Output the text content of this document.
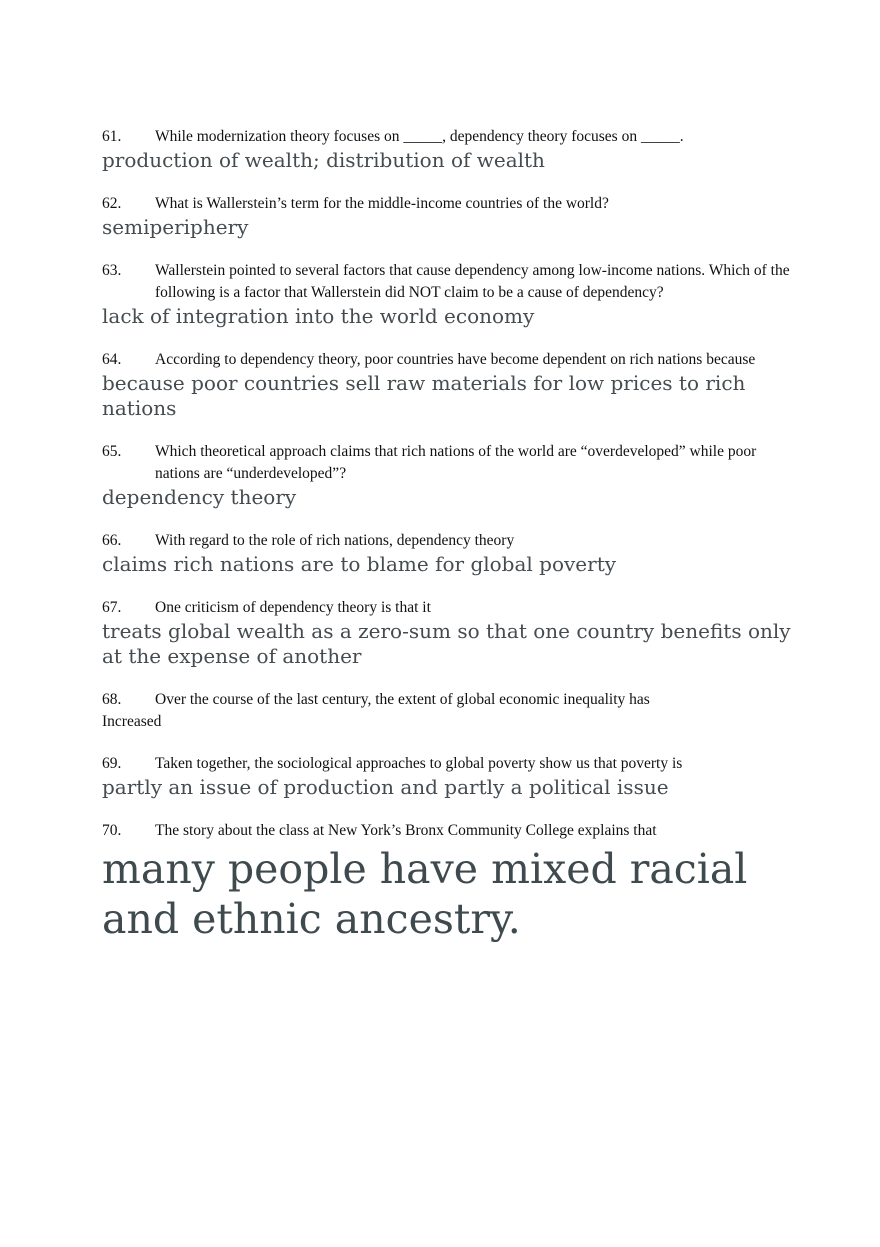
61. While modernization theory focuses on _____, dependency theory focuses on _____.

production of wealth; distribution of wealth

62. What is Wallerstein’s term for the middle-income countries of the world?

semiperiphery

63. Wallerstein pointed to several factors that cause dependency among low-income nations. Which of the following is a factor that Wallerstein did NOT claim to be a cause of dependency?

lack of integration into the world economy

64. According to dependency theory, poor countries have become dependent on rich nations because

because poor countries sell raw materials for low prices to rich nations

65. Which theoretical approach claims that rich nations of the world are “overdeveloped” while poor nations are “underdeveloped”?

dependency theory

66. With regard to the role of rich nations, dependency theory

claims rich nations are to blame for global poverty

67. One criticism of dependency theory is that it

treats global wealth as a zero-sum so that one country benefits only at the expense of another

68. Over the course of the last century, the extent of global economic inequality has

Increased

69. Taken together, the sociological approaches to global poverty show us that poverty is

partly an issue of production and partly a political issue

70. The story about the class at New York’s Bronx Community College explains that

many people have mixed racial and ethnic ancestry.
